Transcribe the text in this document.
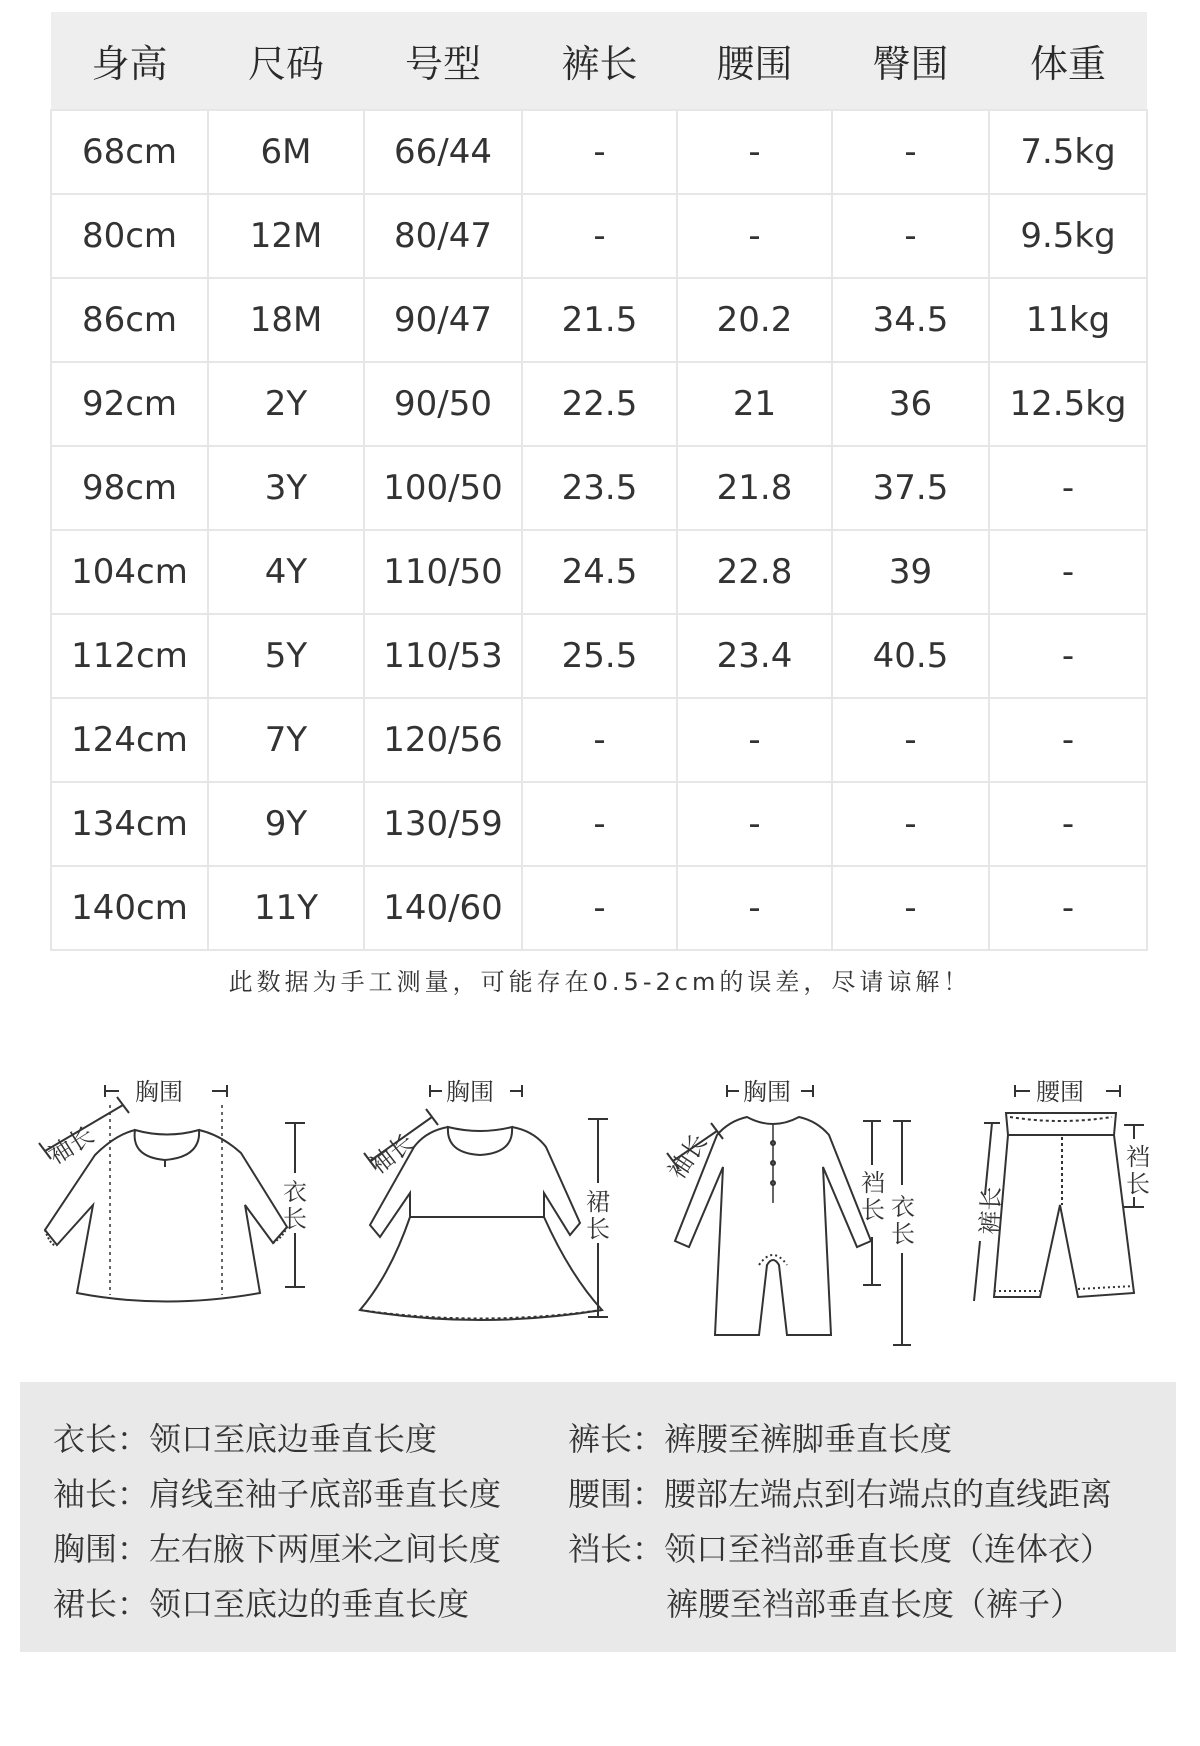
身高	尺码	号型	裤长	腰围	臀围	体重
68cm	6M	66/44	-	-	-	7.5kg
80cm	12M	80/47	-	-	-	9.5kg
86cm	18M	90/47	21.5	20.2	34.5	11kg
92cm	2Y	90/50	22.5	21	36	12.5kg
98cm	3Y	100/50	23.5	21.8	37.5	-
104cm	4Y	110/50	24.5	22.8	39	-
112cm	5Y	110/53	25.5	23.4	40.5	-
124cm	7Y	120/56	-	-	-	-
134cm	9Y	130/59	-	-	-	-
140cm	11Y	140/60	-	-	-	-
此数据为手工测量，可能存在0.5-2cm的误差，尽请谅解！
胸围
袖长
衣
长
胸围
袖长
裙
长
胸围
袖长	裆
长 衣
长
腰围
裤长
裆
长
衣长：领口至底边垂直长度
袖长：肩线至袖子底部垂直长度
胸围：左右腋下两厘米之间长度
裙长：领口至底边的垂直长度
裤长：裤腰至裤脚垂直长度
腰围：腰部左端点到右端点的直线距离
裆长：领口至裆部垂直长度（连体衣）
裤腰至裆部垂直长度（裤子）
